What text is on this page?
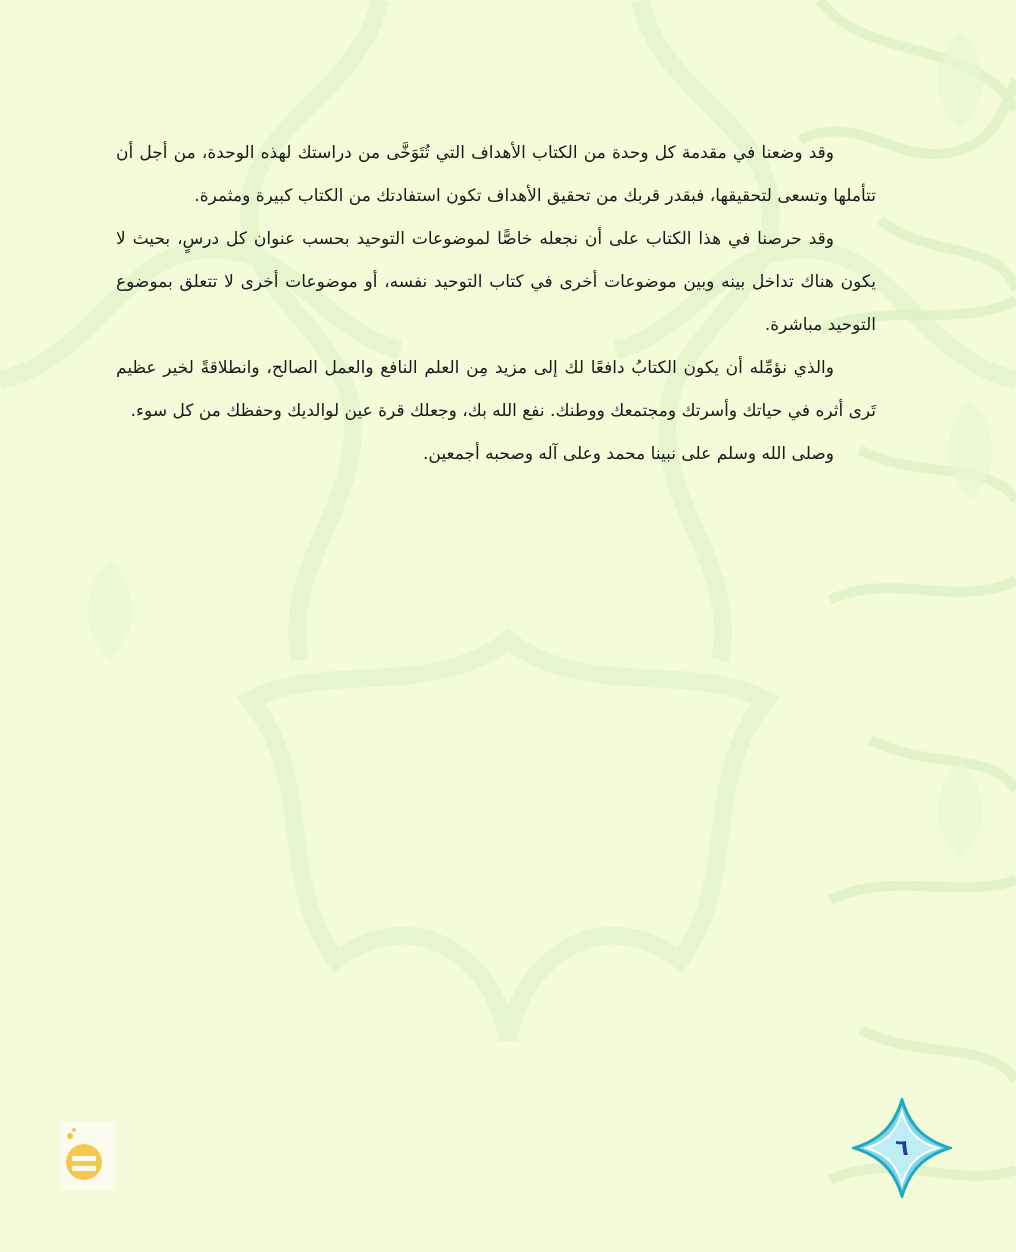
وقد وضعنا في مقدمة كل وحدة من الكتاب الأهداف التي تُتَوَخَّى من دراستك لهذه الوحدة، من أجل أن تتأملها وتسعى لتحقيقها، فبقدر قربك من تحقيق الأهداف تكون استفادتك من الكتاب كبيرة ومثمرة.

وقد حرصنا في هذا الكتاب على أن نجعله خاصًّا لموضوعات التوحيد بحسب عنوان كل درسٍ، بحيث لا يكون هناك تداخل بينه وبين موضوعات أخرى في كتاب التوحيد نفسه، أو موضوعات أخرى لا تتعلق بموضوع التوحيد مباشرة.

والذي نؤمِّله أن يكون الكتابُ دافعًا لك إلى مزيد مِن العلم النافع والعمل الصالح، وانطلاقةً لخير عظيم تَرى أثره في حياتك وأسرتك ومجتمعك ووطنك. نفع الله بك، وجعلك قرة عين لوالديك وحفظك من كل سوء.

وصلى الله وسلم على نبينا محمد وعلى آله وصحبه أجمعين.

٦
